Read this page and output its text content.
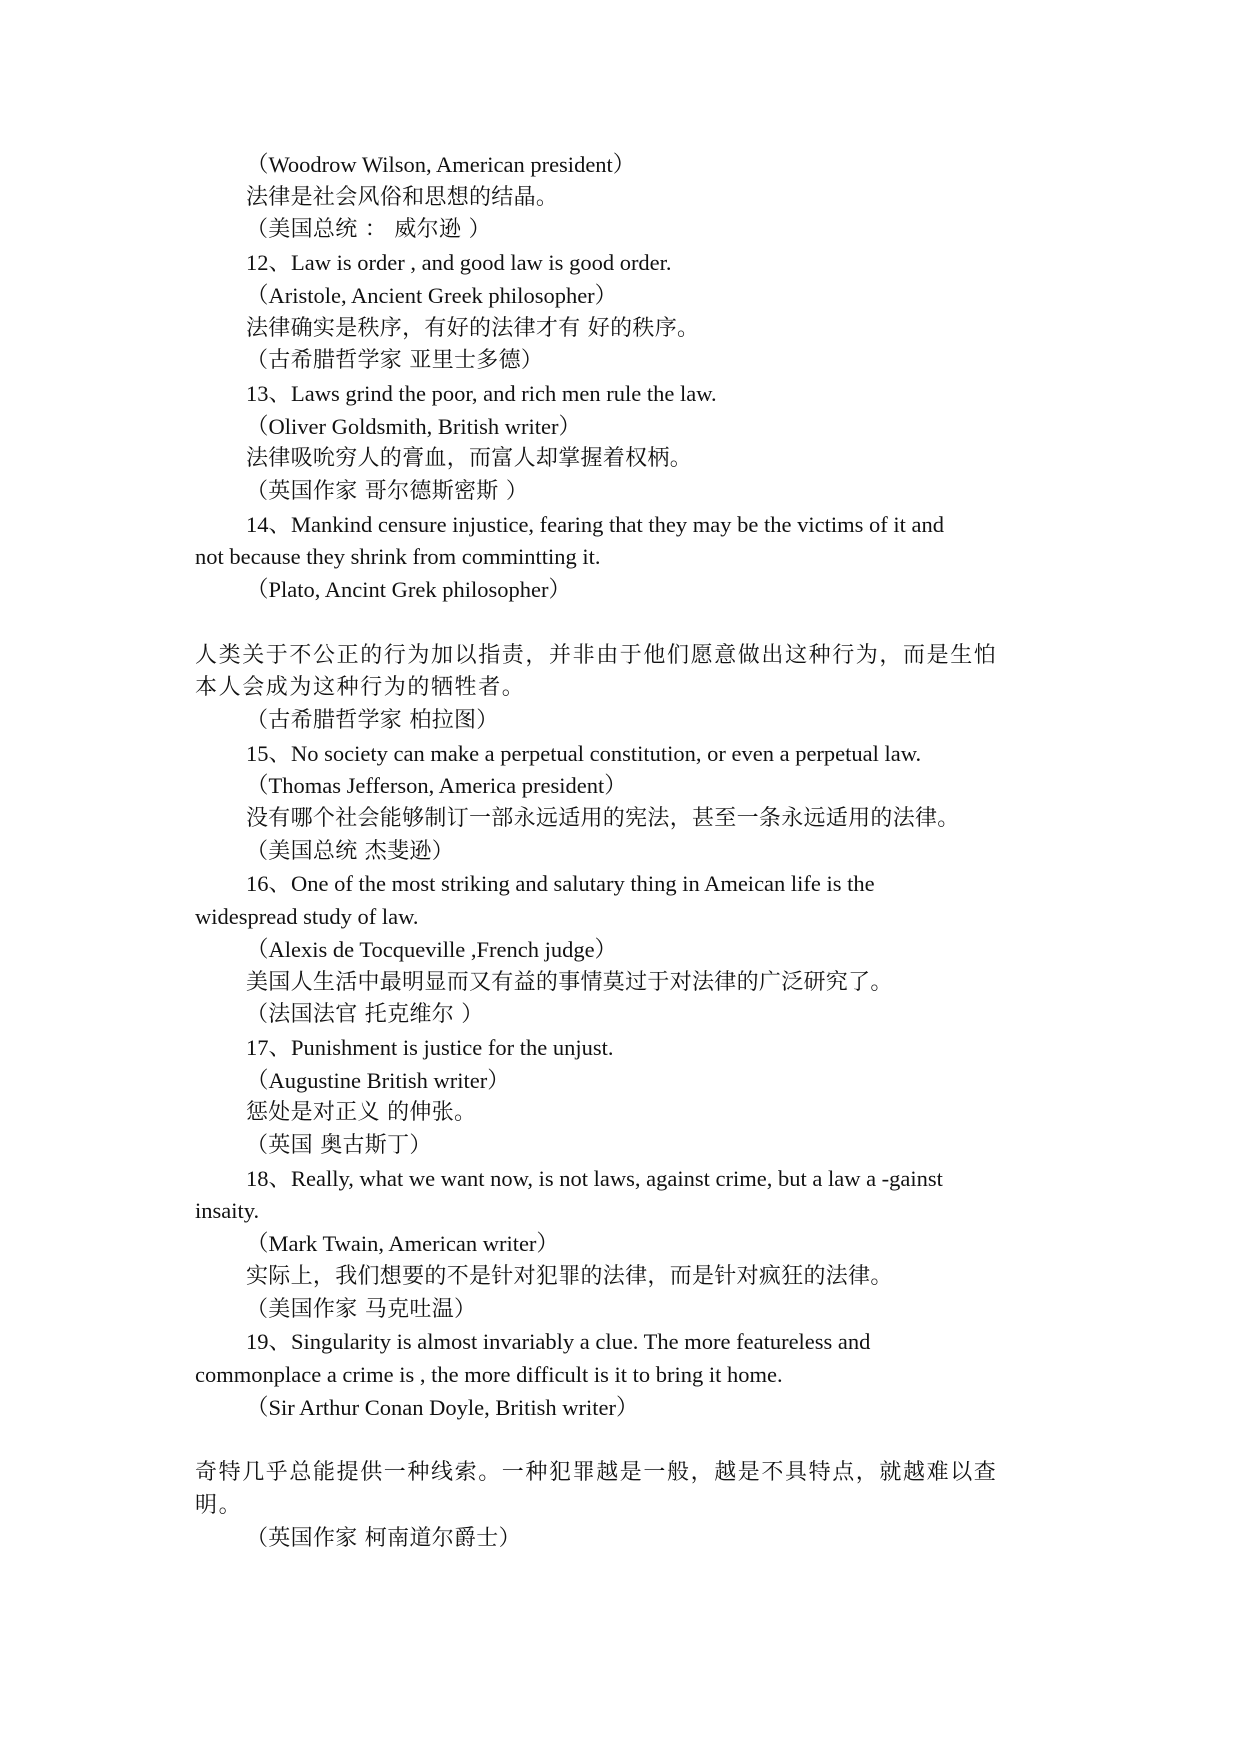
（Woodrow Wilson, American president）

法律是社会风俗和思想的结晶。

（美国总统 ： 威尔逊 ）

12、Law is order , and good law is good order.

（Aristole, Ancient Greek philosopher）

法律确实是秩序，有好的法律才有 好的秩序。

（古希腊哲学家 亚里士多德）

13、Laws grind the poor, and rich men rule the law.

（Oliver Goldsmith, British writer）

法律吸吮穷人的膏血，而富人却掌握着权柄。

（英国作家 哥尔德斯密斯 ）

14、Mankind censure injustice, fearing that they may be the victims of it and

not because they shrink from commintting it.

（Plato, Ancint Grek philosopher）

人类关于不公正的行为加以指责，并非由于他们愿意做出这种行为，而是生怕

本人会成为这种行为的牺牲者。

（古希腊哲学家 柏拉图）

15、No society can make a perpetual constitution, or even a perpetual law.

（Thomas Jefferson, America president）

没有哪个社会能够制订一部永远适用的宪法，甚至一条永远适用的法律。

（美国总统 杰斐逊）

16、One of the most striking and salutary thing in Ameican life is the

widespread study of law.

（Alexis de Tocqueville ,French judge）

美国人生活中最明显而又有益的事情莫过于对法律的广泛研究了。

（法国法官 托克维尔 ）

17、Punishment is justice for the unjust.

（Augustine British writer）

惩处是对正义 的伸张。

（英国 奥古斯丁）

18、Really, what we want now, is not laws, against crime, but a law a -gainst

insaity.

（Mark Twain, American writer）

实际上，我们想要的不是针对犯罪的法律，而是针对疯狂的法律。

（美国作家 马克吐温）

19、Singularity is almost invariably a clue. The more featureless and

commonplace a crime is , the more difficult is it to bring it home.

（Sir Arthur Conan Doyle, British writer）

奇特几乎总能提供一种线索。一种犯罪越是一般，越是不具特点，就越难以查

明。

（英国作家 柯南道尔爵士）
